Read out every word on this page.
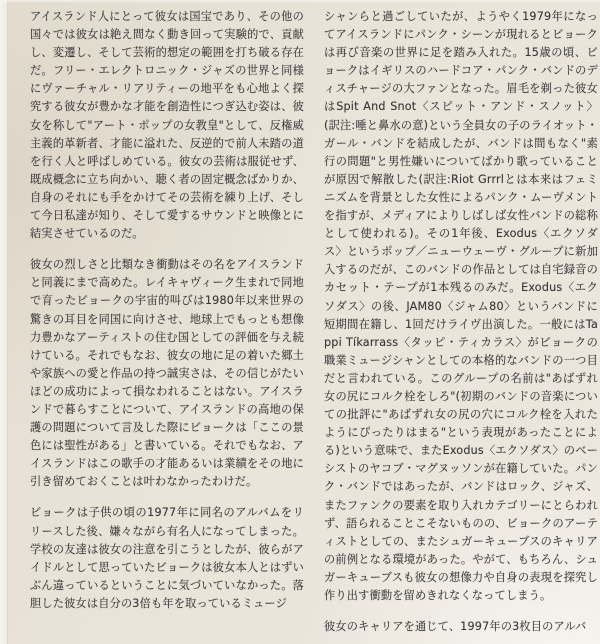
アイスランド人にとって彼女は国宝であり、その他の国々では彼女は絶え間なく動き回って実験的で、貢献し、変遷し、そして芸術的想定の範囲を打ち破る存在だ。フリー・エレクトロニック・ジャズの世界と同様にヴァーチャル・リアリティーの地平をも心地よく探究する彼女が豊かな才能を創造性につぎ込む姿は、彼女を称して"アート・ポップの女教皇"として、反権威主義的革新者、才能に溢れた、反逆的で前人未踏の道を行く人と呼ばしめている。彼女の芸術は服従せず、既成概念に立ち向かい、聴く者の固定概念ばかりか、自身のそれにも手をかけてその芸術を練り上げ、そして今日私達が知り、そして愛するサウンドと映像とに結実させているのだ。

彼女の烈しさと比類なき衝動はその名をアイスランドと同義にまで高めた。レイキャヴィーク生まれで同地で育ったビョークの宇宙的叫びは1980年以来世界の驚きの耳目を同国に向けさせ、地球上でもっとも想像力豊かなアーティストの住む国としての評価を与え続けている。それでもなお、彼女の地に足の着いた郷土や家族への愛と作品の持つ誠実さは、その信じがたいほどの成功によって損なわれることはない。アイスランドで暮らすことについて、アイスランドの高地の保護の問題について言及した際にビョークは「ここの景色には聖性がある」と書いている。それでもなお、アイスランドはこの歌手の才能あるいは業績をその地に引き留めておくことは叶わなかったわけだ。

ビョークは子供の頃の1977年に同名のアルバムをリリースした後、嫌々ながら有名人になってしまった。学校の友達は彼女の注意を引こうとしたが、彼らがアイドルとして思っていたビョークは彼女本人とはずいぶん違っているということに気づいていなかった。落胆した彼女は自分の3倍も年を取っているミュージ

シャンらと過ごしていたが、ようやく1979年になってアイスランドにパンク・シーンが現れるとビョークは再び音楽の世界に足を踏み入れた。15歳の頃、ビョークはイギリスのハードコア・パンク・バンドのディスチャージの大ファンとなった。眉毛を剃った彼女はSpit And Snot〈スピット・アンド・スノット〉(訳注:唾と鼻水の意)という全員女の子のライオット・ガール・バンドを結成したが、バンドは間もなく"素行の問題"と男性嫌いについてばかり歌っていることが原因で解散した(訳注:Riot Grrrlとは本来はフェミニズムを背景とした女性によるパンク・ムーヴメントを指すが、メディアによりしばしば女性バンドの総称として使われる)。その1年後、Exodus〈エクソダス〉というポップ／ニューウェーヴ・グループに新加入するのだが、このバンドの作品としては自宅録音のカセット・テープが1本残るのみだ。Exodus〈エクソダス〉の後、JAM80〈ジャム80〉というバンドに短期間在籍し、1回だけライヴ出演した。一般にはTappi Tíkarrass〈タッピ・ティカラス〉がビョークの職業ミュージシャンとしての本格的なバンドの一つ目だと言われている。このグループの名前は"あばずれ女の尻にコルク栓をしろ"(初期のバンドの音楽についての批評に"あばずれ女の尻の穴にコルク栓を入れたようにぴったりはまる"という表現があったことによる)という意味で、またExodus〈エクソダス〉のベーシストのヤコブ・マグヌッソンが在籍していた。パンク・バンドではあったが、バンドはロック、ジャズ、またファンクの要素を取り入れカテゴリーにとらわれず、語られることこそないものの、ビョークのアーティストとしての、またシュガーキューブスのキャリアの前例となる環境があった。やがて、もちろん、シュガーキューブスも彼女の想像力や自身の表現を探究し作り出す衝動を留めきれなくなってしまう。

彼女のキャリアを通じて、1997年の3枚目のアルバ
